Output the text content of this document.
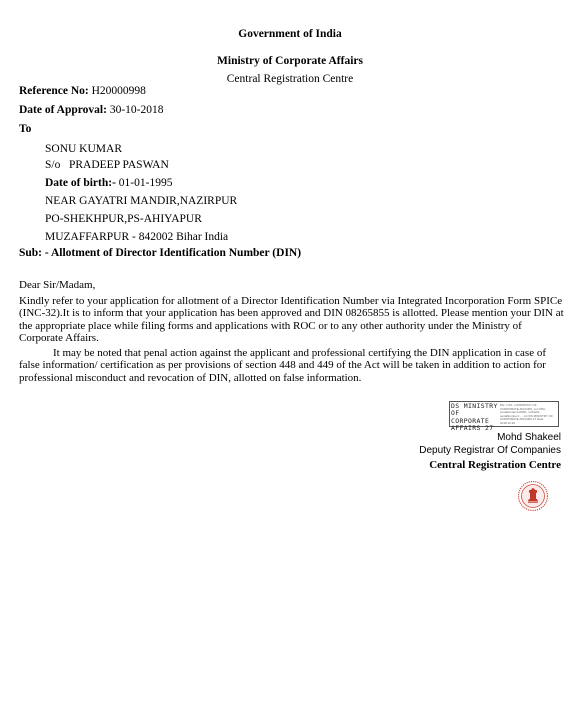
Government of India
Ministry of Corporate Affairs
Central Registration Centre
Reference No: H20000998
Date of Approval: 30-10-2018
To
SONU KUMAR
S/o PRADEEP PASWAN
Date of birth:- 01-01-1995
NEAR GAYATRI MANDIR,NAZIRPUR
PO-SHEKHPUR,PS-AHIYAPUR
MUZAFFARPUR - 842002 Bihar India
Sub: - Allotment of Director Identification Number (DIN)
Dear Sir/Madam,
Kindly refer to your application for allotment of a Director Identification Number via Integrated Incorporation Form SPICe (INC-32).It is to inform that your application has been approved and DIN 08265855 is allotted. Please mention your DIN at the appropriate place while filing forms and applications with ROC or to any other authority under the Ministry of Corporate Affairs.
It may be noted that penal action against the applicant and professional certifying the DIN application in case of false information/ certification as per provisions of section 448 and 449 of the Act will be taken in addition to action for professional misconduct and revocation of DIN, allotted on false information.
DS MINISTRY OF CORPORATE AFFAIRS 27
DN: c=IN, o=MINISTRY OF CORPORATE AFFAIRS, ou=CRC, postalCode=110001, st=Delhi, serialNumber=..., cn=DS MINISTRY OF CORPORATE AFFAIRS 27 Date: 2018.10.30
Mohd Shakeel
Deputy Registrar Of Companies
Central Registration Centre
